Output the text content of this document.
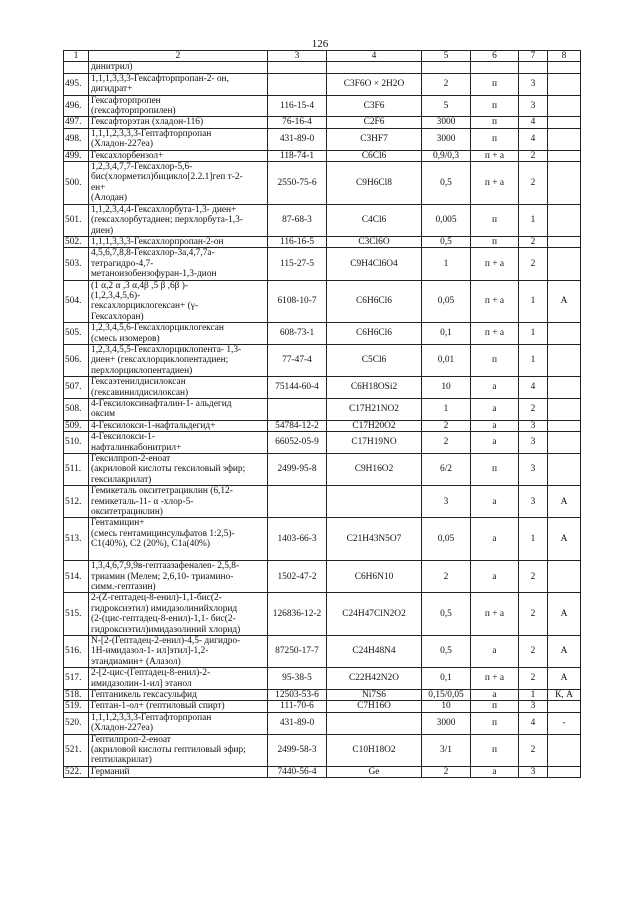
126
1	2	3	4	5	6	7	8

	динитрил)						

495.	1,1,1,3,3,3-Гексафторпропан-2- он,
дигидрат+		C3F6O × 2H2O	2	п	3	
496.	Гексафторпропен
(гексафторпропилен)	116-15-4	C3F6	5	п	3	
497.	Гексафторэтан (хладон-116)	76-16-4	C2F6	3000	п	4	
498.	1,1,1,2,3,3,3-Гептафторпропан
(Хладон-227еа)	431-89-0	C3HF7	3000	п	4	
499.	Гексахлорбензол+	118-74-1	C6Cl6	0,9/0,3	п + а	2	
500.	1,2,3,4,7,7-Гексахлор-5,6-
бис(хлорметил)бицикло[2.2.1]геп т-2-
ен+
(Алодан)	2550-75-6	C9H6Cl8	0,5	п + а	2	
501.	1,1,2,3,4,4-Гексахлорбута-1,3- диен+
(гексахлорбутадиен; перхлорбута-1,3-
диен)	87-68-3	C4Cl6	0,005	п	1	
502.	1,1,1,3,3,3-Гексахлорпропан-2-он	116-16-5	C3Cl6O	0,5	п	2	
503.	4,5,6,7,8,8-Гексахлор-3а,4,7,7а-
тетрагидро-4,7-
метаноизобензофуран-1,3-дион	115-27-5	C9H4Cl6O4	1	п + а	2	
504.	(1 α,2 α ,3 α,4β ,5 β ,6β )-
(1,2,3,4,5,6)-
гексахлорциклогексан+ (γ-
Гексахлоран)	6108-10-7	C6H6Cl6	0,05	п + а	1	А
505.	1,2,3,4,5,6-Гексахлорциклогексан
(смесь изомеров)	608-73-1	C6H6Cl6	0,1	п + а	1	
506.	1,2,3,4,5,5-Гексахлорциклопента- 1,3-
диен+ (гексахлорциклопентадиен;
перхлорциклопентадиен)	77-47-4	C5Cl6	0,01	п	1	
507.	Гексаэтенилдисилоксан
(гексавинилдисилоксан)	75144-60-4	C6H18OSi2	10	а	4	
508.	4-Гексилоксинафталин-1- альдегид
оксим		C17H21NO2	1	а	2	
509.	4-Гексилокси-1-нафтальдегид+	54784-12-2	C17H20O2	2	а	3	
510.	4-Гексилокси-1-
нафталинкабонитрил+	66052-05-9	C17H19NO	2	а	3	
511.	Гексилпроп-2-еноат
(акриловой кислоты гексиловый эфир;
гексилакрилат)	2499-95-8	C9H16O2	6/2	п	3	
512.	Гемикеталь окситетрациклин (6,12-
гемикеталь-11- α -хлор-5-
окситетрациклин)			3	а	3	А
513.	Гентамицин+
(смесь гентамицинсульфатов 1:2,5)-
C1(40%), C2 (20%), C1a(40%)	1403-66-3	C21H43N5O7	0,05	а	1	А
514.	1,3,4,6,7,9,9в-гептаазафеналеn- 2,5,8-
триамин (Мелем; 2,6,10- триамино-
симм.-гептазин)	1502-47-2	C6H6N10	2	а	2	
515.	2-(Z-гептадец-8-енил)-1,1-бис(2-
гидроксиэтил) имидазолинийхлорид
(2-(цис-гептадец-8-енил)-1,1- бис(2-
гидроксиэтил)имидазолиний хлорид)	126836-12-2	C24H47ClN2O2	0,5	п + а	2	А
516.	N-[2-(Гептадец-2-енил)-4,5- дигидро-
1Н-имидазол-1- ил]этил]-1,2-
этандиамин+ (Алазол)	87250-17-7	C24H48N4	0,5	а	2	А
517.	2-[2-цис-(Гептадец-8-енил)-2-
имидазолин-1-ил] этанол	95-38-5	C22H42N2O	0,1	п + а	2	А
518.	Гептаникель гексасульфид	12503-53-6	Ni7S6	0,15/0,05	а	1	К, А
519.	Гептан-1-ол+ (гептиловый спирт)	111-70-6	C7H16O	10	п	3	
520.	1,1,1,2,3,3,3-Гептафторпропан
(Хладон-227еа)	431-89-0		3000	п	4	-
521.	Гептилпроп-2-еноат
(акриловой кислоты гептиловый эфир;
гептилакрилат)	2499-58-3	C10H18O2	3/1	п	2	
522.	Германий	7440-56-4	Ge	2	а	3	
